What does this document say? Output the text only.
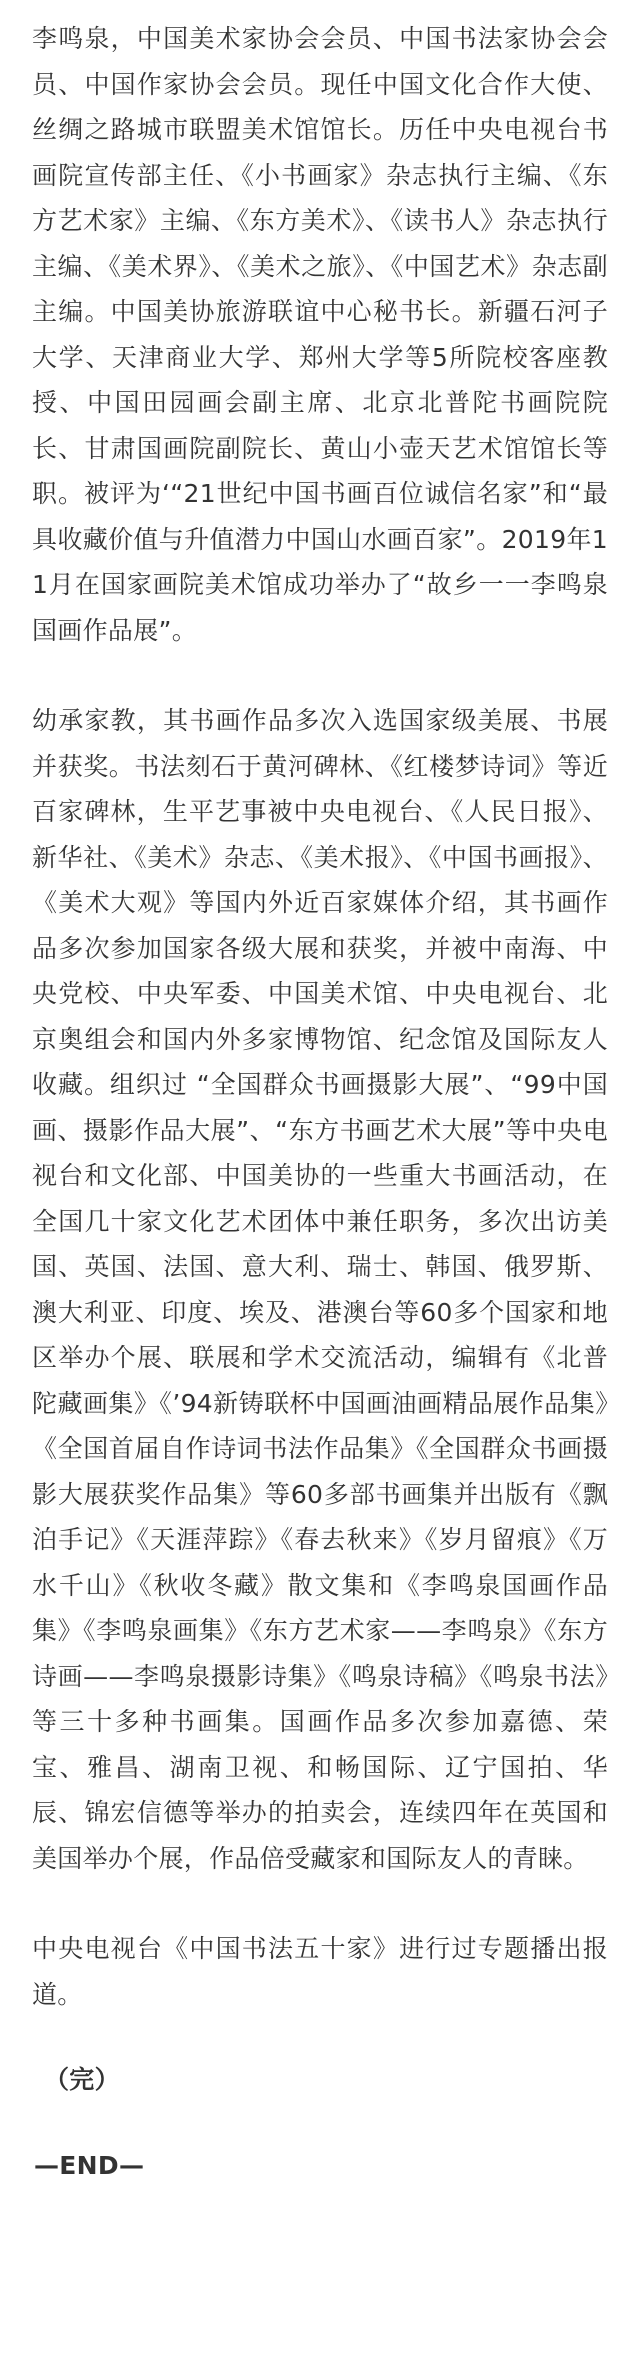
李鸣泉，中国美术家协会会员、中国书法家协会会员、中国作家协会会员。现任中国文化合作大使、丝绸之路城市联盟美术馆馆长。历任中央电视台书画院宣传部主任、《小书画家》杂志执行主编、《东方艺术家》主编、《东方美术》、《读书人》杂志执行主编、《美术界》、《美术之旅》、《中国艺术》杂志副主编。中国美协旅游联谊中心秘书长。新疆石河子大学、天津商业大学、郑州大学等5所院校客座教授、中国田园画会副主席、北京北普陀书画院院长、甘肃国画院副院长、黄山小壶天艺术馆馆长等职。被评为‘“21世纪中国书画百位诚信名家”和“最具收藏价值与升值潜力中国山水画百家”。2019年11月在国家画院美术馆成功举办了“故乡一一李鸣泉国画作品展”。

幼承家教，其书画作品多次入选国家级美展、书展并获奖。书法刻石于黄河碑林、《红楼梦诗词》等近百家碑林，生平艺事被中央电视台、《人民日报》、新华社、《美术》杂志、《美术报》、《中国书画报》、《美术大观》等国内外近百家媒体介绍，其书画作品多次参加国家各级大展和获奖，并被中南海、中央党校、中央军委、中国美术馆、中央电视台、北京奥组会和国内外多家博物馆、纪念馆及国际友人收藏。组织过 “全国群众书画摄影大展”、“99中国画、摄影作品大展”、“东方书画艺术大展”等中央电视台和文化部、中国美协的一些重大书画活动，在全国几十家文化艺术团体中兼任职务，多次出访美国、英国、法国、意大利、瑞士、韩国、俄罗斯、澳大利亚、印度、埃及、港澳台等60多个国家和地区举办个展、联展和学术交流活动，编辑有《北普陀藏画集》《’94新铸联杯中国画油画精品展作品集》《全国首届自作诗词书法作品集》《全国群众书画摄影大展获奖作品集》等60多部书画集并出版有《飘泊手记》《天涯萍踪》《春去秋来》《岁月留痕》《万水千山》《秋收冬藏》散文集和《李鸣泉国画作品集》《李鸣泉画集》《东方艺术家——李鸣泉》《东方诗画——李鸣泉摄影诗集》《鸣泉诗稿》《鸣泉书法》等三十多种书画集。国画作品多次参加嘉德、荣宝、雅昌、湖南卫视、和畅国际、辽宁国拍、华辰、锦宏信德等举办的拍卖会，连续四年在英国和美国举办个展，作品倍受藏家和国际友人的青睐。

中央电视台《中国书法五十家》进行过专题播出报道。

（完）

—END—
